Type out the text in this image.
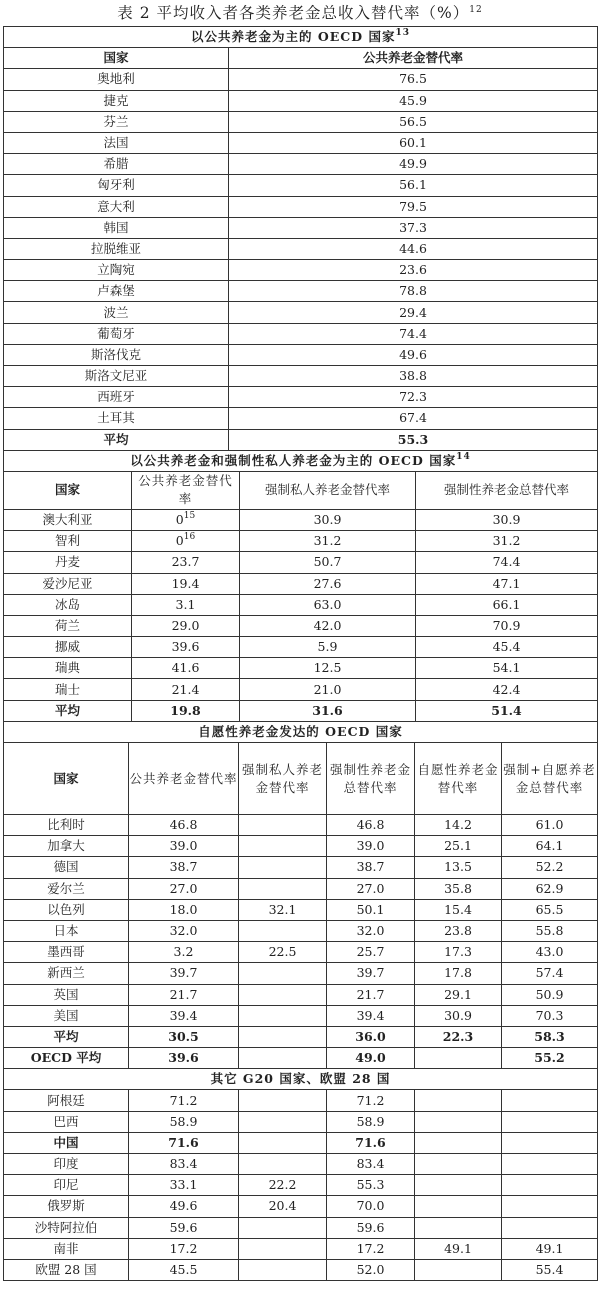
表 2 平均收入者各类养老金总收入替代率（%）$^{12}$
以公共养老金为主的 OECD 国家$^{13}$
国家	公共养老金替代率
奥地利	76.5
捷克	45.9
芬兰	56.5
法国	60.1
希腊	49.9
匈牙利	56.1
意大利	79.5
韩国	37.3
拉脱维亚	44.6
立陶宛	23.6
卢森堡	78.8
波兰	29.4
葡萄牙	74.4
斯洛伐克	49.6
斯洛文尼亚	38.8
西班牙	72.3
土耳其	67.4
平均	55.3
以公共养老金和强制性私人养老金为主的 OECD 国家$^{14}$
国家	公共养老金替代率	强制私人养老金替代率	强制性养老金总替代率
澳大利亚	$0^{15}$	30.9	30.9
智利	$0^{16}$	31.2	31.2
丹麦	23.7	50.7	74.4
爱沙尼亚	19.4	27.6	47.1
冰岛	3.1	63.0	66.1
荷兰	29.0	42.0	70.9
挪威	39.6	5.9	45.4
瑞典	41.6	12.5	54.1
瑞士	21.4	21.0	42.4
平均	19.8	31.6	51.4
自愿性养老金发达的 OECD 国家					
国家	公共养老金替代率	强制私人养老金替代率	强制性养老金总替代率	自愿性养老金替代率	强制+自愿养老金总替代率
比利时	46.8		46.8	14.2	61.0
加拿大	39.0		39.0	25.1	64.1
德国	38.7		38.7	13.5	52.2
爱尔兰	27.0		27.0	35.8	62.9
以色列	18.0	32.1	50.1	15.4	65.5
日本	32.0		32.0	23.8	55.8
墨西哥	3.2	22.5	25.7	17.3	43.0
新西兰	39.7		39.7	17.8	57.4
英国	21.7		21.7	29.1	50.9
美国	39.4		39.4	30.9	70.3
平均	30.5		36.0	22.3	58.3
OECD 平均	39.6		49.0		55.2
其它 G20 国家、欧盟 28 国					
阿根廷	71.2		71.2		
巴西	58.9		58.9		
中国	71.6		71.6		
印度	83.4		83.4		
印尼	33.1	22.2	55.3		
俄罗斯	49.6	20.4	70.0		
沙特阿拉伯	59.6		59.6		
南非	17.2		17.2	49.1	49.1
欧盟 28 国	45.5		52.0		55.4
